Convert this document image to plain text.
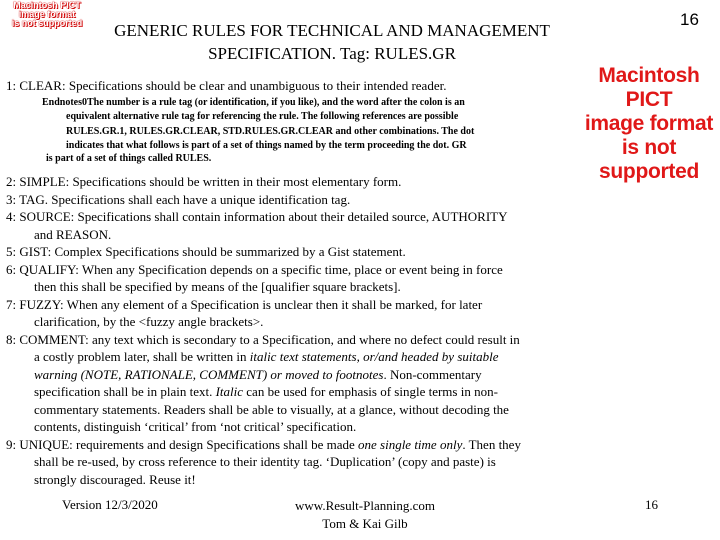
Macintosh PICT
image format
is not supported
Macintosh PICT
image format
is not supported
GENERIC RULES FOR TECHNICAL AND MANAGEMENT
SPECIFICATION. Tag: RULES.GR
16
1: CLEAR: Specifications should be clear and unambiguous to their intended reader.
Endnotes0The number is a rule tag (or identification, if you like), and the word after the colon is an
equivalent alternative rule tag for referencing the rule. The following references are possible
RULES.GR.1, RULES.GR.CLEAR, STD.RULES.GR.CLEAR and other combinations. The dot
indicates that what follows is part of a set of things named by the term proceeding the dot. GR
is part of a set of things called RULES.
2: SIMPLE: Specifications should be written in their most elementary form.
3: TAG. Specifications shall each have a unique identification tag.
4: SOURCE: Specifications shall contain information about their detailed source, AUTHORITY
and REASON.
5: GIST: Complex Specifications should be summarized by a Gist statement.
6: QUALIFY: When any Specification depends on a specific time, place or event being in force
then this shall be specified by means of the [qualifier square brackets].
7: FUZZY: When any element of a Specification is unclear then it shall be marked, for later
clarification, by the <fuzzy angle brackets>.
8: COMMENT: any text which is secondary to a Specification, and where no defect could result in
a costly problem later, shall be written in italic text statements, or/and headed by suitable
warning (NOTE, RATIONALE, COMMENT) or moved to footnotes. Non-commentary
specification shall be in plain text. Italic can be used for emphasis of single terms in non-
commentary statements. Readers shall be able to visually, at a glance, without decoding the
contents, distinguish ‘critical’ from ‘not critical’ specification.
9: UNIQUE: requirements and design Specifications shall be made one single time only. Then they
shall be re-used, by cross reference to their identity tag. ‘Duplication’ (copy and paste) is
strongly discouraged. Reuse it!
Version 12/3/2020	www.Result-Planning.com
Tom & Kai Gilb
16
